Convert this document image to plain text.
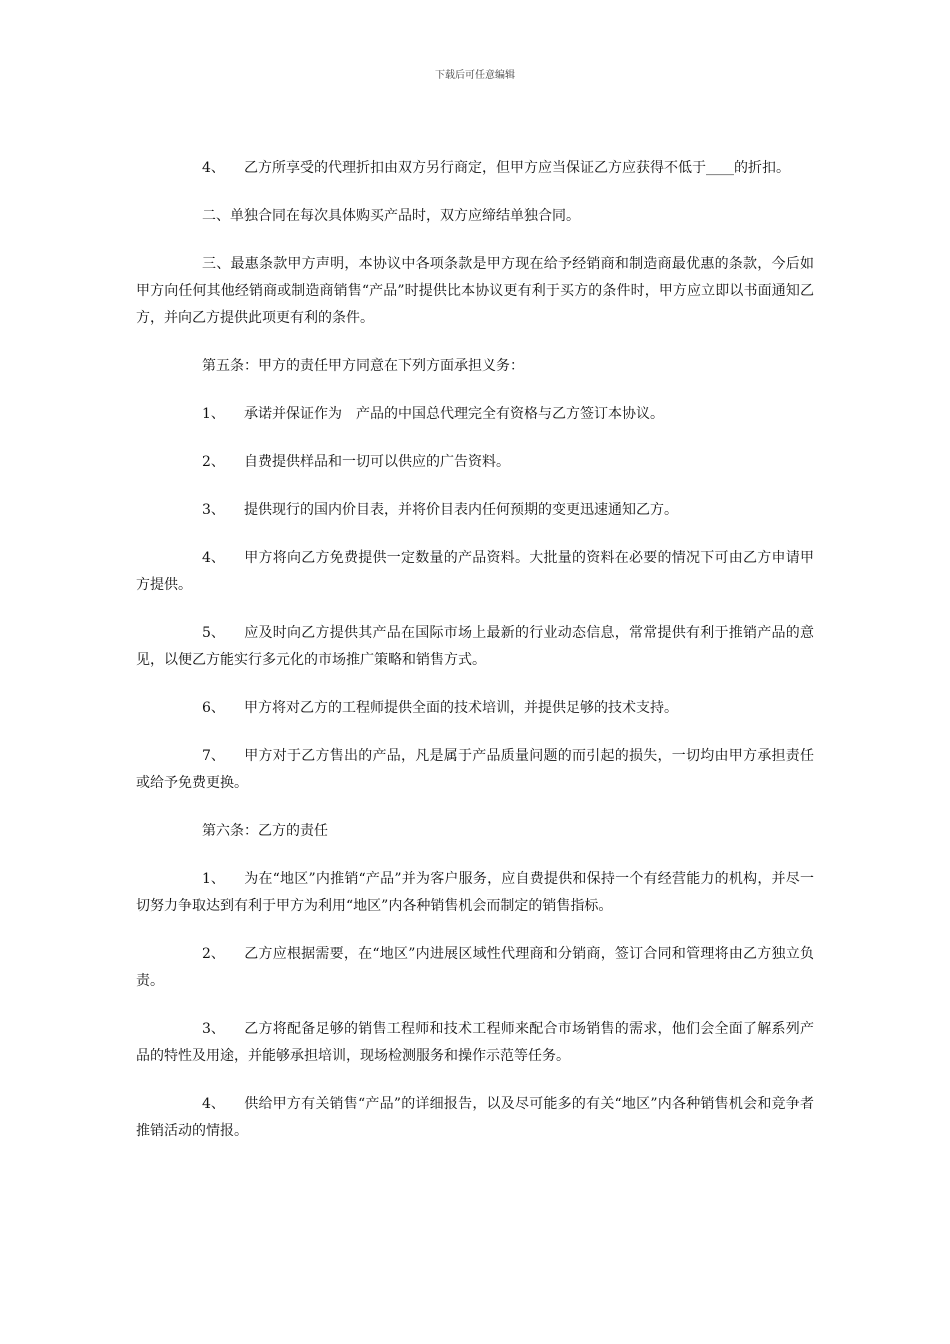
下载后可任意编辑

4、 乙方所享受的代理折扣由双方另行商定，但甲方应当保证乙方应获得不低于____的折扣。

二、单独合同在每次具体购买产品时，双方应缔结单独合同。

三、最惠条款甲方声明，本协议中各项条款是甲方现在给予经销商和制造商最优惠的条款，今后如甲方向任何其他经销商或制造商销售“产品”时提供比本协议更有利于买方的条件时，甲方应立即以书面通知乙方，并向乙方提供此项更有利的条件。

第五条：甲方的责任甲方同意在下列方面承担义务：

1、 承诺并保证作为　产品的中国总代理完全有资格与乙方签订本协议。

2、 自费提供样品和一切可以供应的广告资料。

3、 提供现行的国内价目表，并将价目表内任何预期的变更迅速通知乙方。

4、 甲方将向乙方免费提供一定数量的产品资料。大批量的资料在必要的情况下可由乙方申请甲方提供。

5、 应及时向乙方提供其产品在国际市场上最新的行业动态信息，常常提供有利于推销产品的意见，以便乙方能实行多元化的市场推广策略和销售方式。

6、 甲方将对乙方的工程师提供全面的技术培训，并提供足够的技术支持。

7、 甲方对于乙方售出的产品，凡是属于产品质量问题的而引起的损失，一切均由甲方承担责任或给予免费更换。

第六条：乙方的责任

1、 为在“地区”内推销“产品”并为客户服务，应自费提供和保持一个有经营能力的机构，并尽一切努力争取达到有利于甲方为利用“地区”内各种销售机会而制定的销售指标。

2、 乙方应根据需要，在“地区”内进展区域性代理商和分销商，签订合同和管理将由乙方独立负责。

3、 乙方将配备足够的销售工程师和技术工程师来配合市场销售的需求，他们会全面了解系列产品的特性及用途，并能够承担培训，现场检测服务和操作示范等任务。

4、 供给甲方有关销售“产品”的详细报告，以及尽可能多的有关“地区”内各种销售机会和竞争者推销活动的情报。
